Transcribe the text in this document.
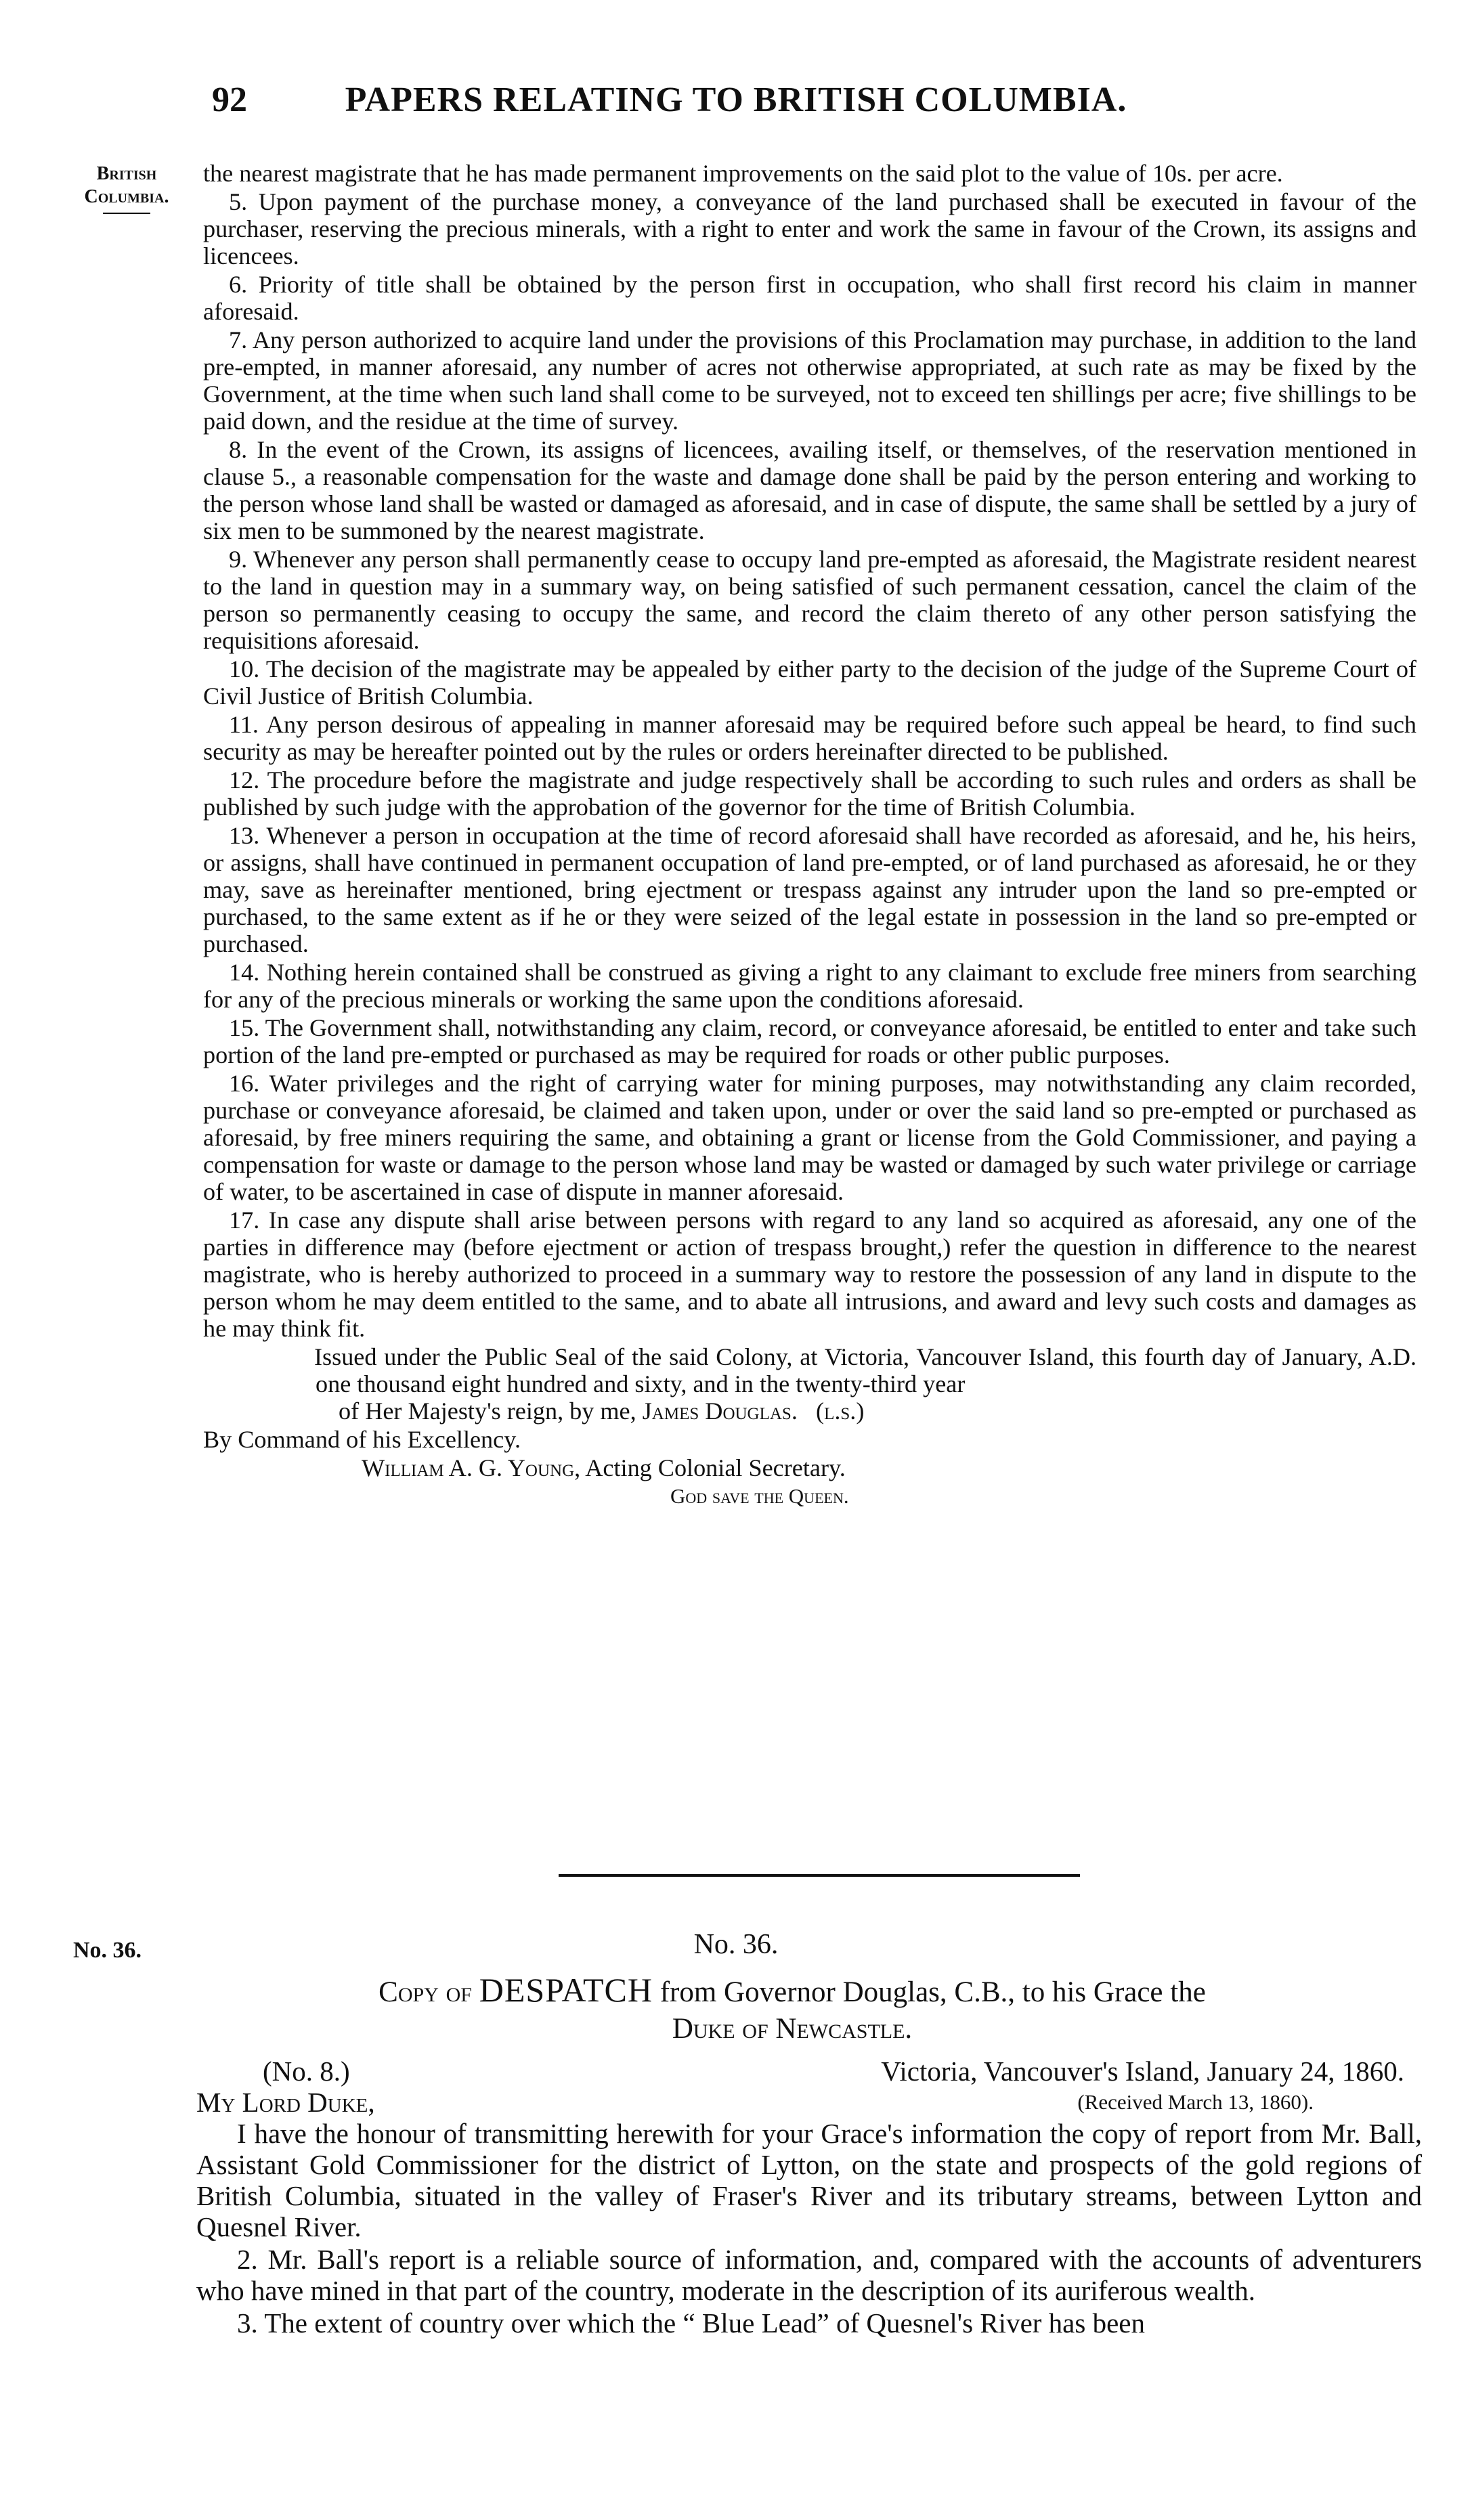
92	PAPERS RELATING TO BRITISH COLUMBIA.
British
Columbia.

the nearest magistrate that he has made permanent improvements on the said plot to the value of 10s. per acre.

5. Upon payment of the purchase money, a conveyance of the land purchased shall be executed in favour of the purchaser, reserving the precious minerals, with a right to enter and work the same in favour of the Crown, its assigns and licencees.

6. Priority of title shall be obtained by the person first in occupation, who shall first record his claim in manner aforesaid.

7. Any person authorized to acquire land under the provisions of this Proclamation may purchase, in addition to the land pre-empted, in manner aforesaid, any number of acres not otherwise appropriated, at such rate as may be fixed by the Government, at the time when such land shall come to be surveyed, not to exceed ten shillings per acre; five shillings to be paid down, and the residue at the time of survey.

8. In the event of the Crown, its assigns of licencees, availing itself, or themselves, of the reservation mentioned in clause 5., a reasonable compensation for the waste and damage done shall be paid by the person entering and working to the person whose land shall be wasted or damaged as aforesaid, and in case of dispute, the same shall be settled by a jury of six men to be summoned by the nearest magistrate.

9. Whenever any person shall permanently cease to occupy land pre-empted as aforesaid, the Magistrate resident nearest to the land in question may in a summary way, on being satisfied of such permanent cessation, cancel the claim of the person so permanently ceasing to occupy the same, and record the claim thereto of any other person satisfying the requisitions aforesaid.

10. The decision of the magistrate may be appealed by either party to the decision of the judge of the Supreme Court of Civil Justice of British Columbia.

11. Any person desirous of appealing in manner aforesaid may be required before such appeal be heard, to find such security as may be hereafter pointed out by the rules or orders hereinafter directed to be published.

12. The procedure before the magistrate and judge respectively shall be according to such rules and orders as shall be published by such judge with the approbation of the governor for the time of British Columbia.

13. Whenever a person in occupation at the time of record aforesaid shall have recorded as aforesaid, and he, his heirs, or assigns, shall have continued in permanent occupation of land pre-empted, or of land purchased as aforesaid, he or they may, save as hereinafter mentioned, bring ejectment or trespass against any intruder upon the land so pre-empted or purchased, to the same extent as if he or they were seized of the legal estate in possession in the land so pre-empted or purchased.

14. Nothing herein contained shall be construed as giving a right to any claimant to exclude free miners from searching for any of the precious minerals or working the same upon the conditions aforesaid.

15. The Government shall, notwithstanding any claim, record, or conveyance aforesaid, be entitled to enter and take such portion of the land pre-empted or purchased as may be required for roads or other public purposes.

16. Water privileges and the right of carrying water for mining purposes, may notwithstanding any claim recorded, purchase or conveyance aforesaid, be claimed and taken upon, under or over the said land so pre-empted or purchased as aforesaid, by free miners requiring the same, and obtaining a grant or license from the Gold Commissioner, and paying a compensation for waste or damage to the person whose land may be wasted or damaged by such water privilege or carriage of water, to be ascertained in case of dispute in manner aforesaid.

17. In case any dispute shall arise between persons with regard to any land so acquired as aforesaid, any one of the parties in difference may (before ejectment or action of trespass brought,) refer the question in difference to the nearest magistrate, who is hereby authorized to proceed in a summary way to restore the possession of any land in dispute to the person whom he may deem entitled to the same, and to abate all intrusions, and award and levy such costs and damages as he may think fit.

Issued under the Public Seal of the said Colony, at Victoria, Vancouver Island, this fourth day of January, A.D. one thousand eight hundred and sixty, and in the twenty-third year
of Her Majesty's reign, by me, James Douglas. (l.s.)

By Command of his Excellency.

William A. G. Young, Acting Colonial Secretary.

God save the Queen.

No. 36.	No. 36.
Copy of DESPATCH from Governor Douglas, C.B., to his Grace the
Duke of Newcastle.
(No. 8.)	Victoria, Vancouver's Island, January 24, 1860.
My Lord Duke,	(Received March 13, 1860).

I have the honour of transmitting herewith for your Grace's information the copy of report from Mr. Ball, Assistant Gold Commissioner for the district of Lytton, on the state and prospects of the gold regions of British Columbia, situated in the valley of Fraser's River and its tributary streams, between Lytton and Quesnel River.

2. Mr. Ball's report is a reliable source of information, and, compared with the accounts of adventurers who have mined in that part of the country, moderate in the description of its auriferous wealth.

3. The extent of country over which the “ Blue Lead” of Quesnel's River has been
